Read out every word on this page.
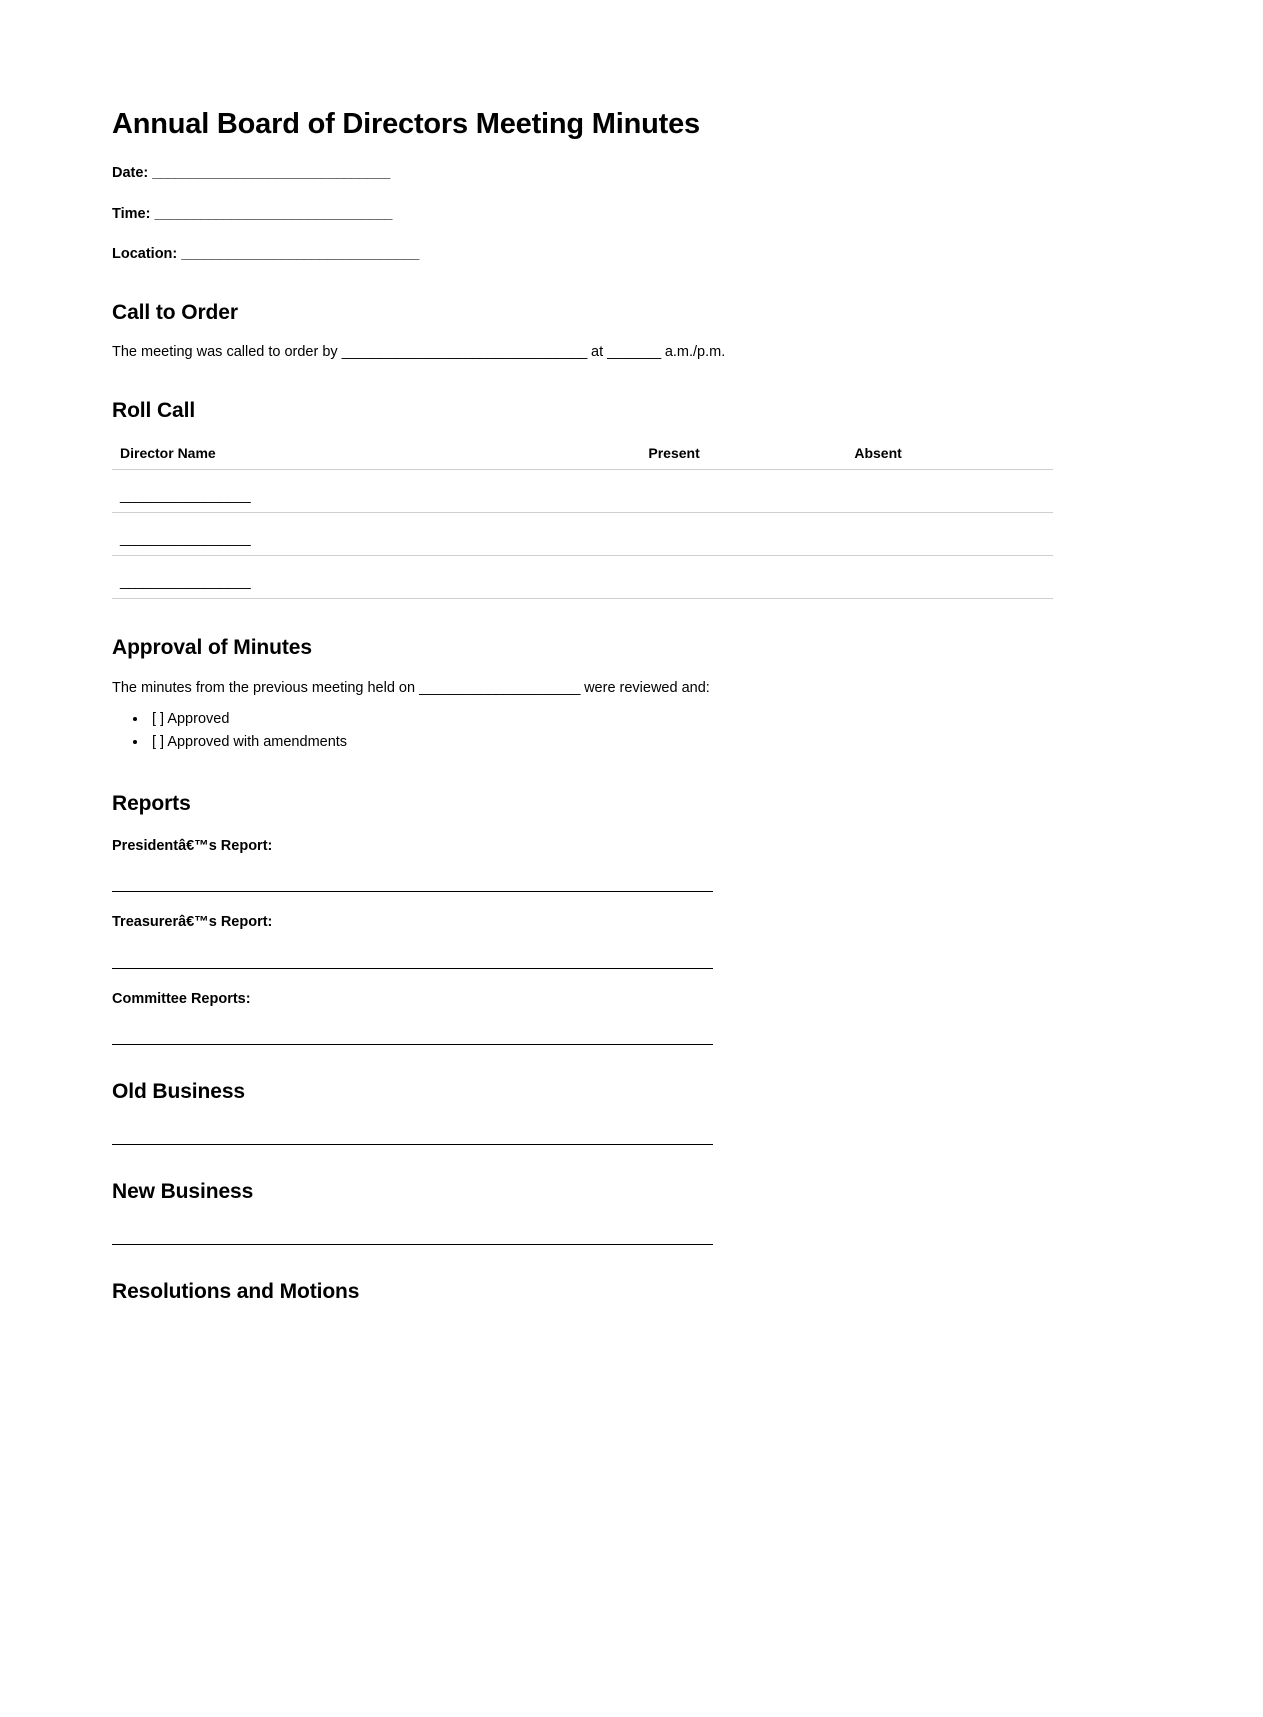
Annual Board of Directors Meeting Minutes
Date: _______________________________
Time: _______________________________
Location: _______________________________
Call to Order

The meeting was called to order by ________________________________ at _______ a.m./p.m.

Roll Call
Director Name	Present	Absent
_________________		
_________________		
_________________		
Approval of Minutes

The minutes from the previous meeting held on _____________________ were reviewed and:

• [ ] Approved
• [ ] Approved with amendments
Reports
Presidentâ€™s Report:
Treasurerâ€™s Report:
Committee Reports:
Old Business
New Business
Resolutions and Motions
